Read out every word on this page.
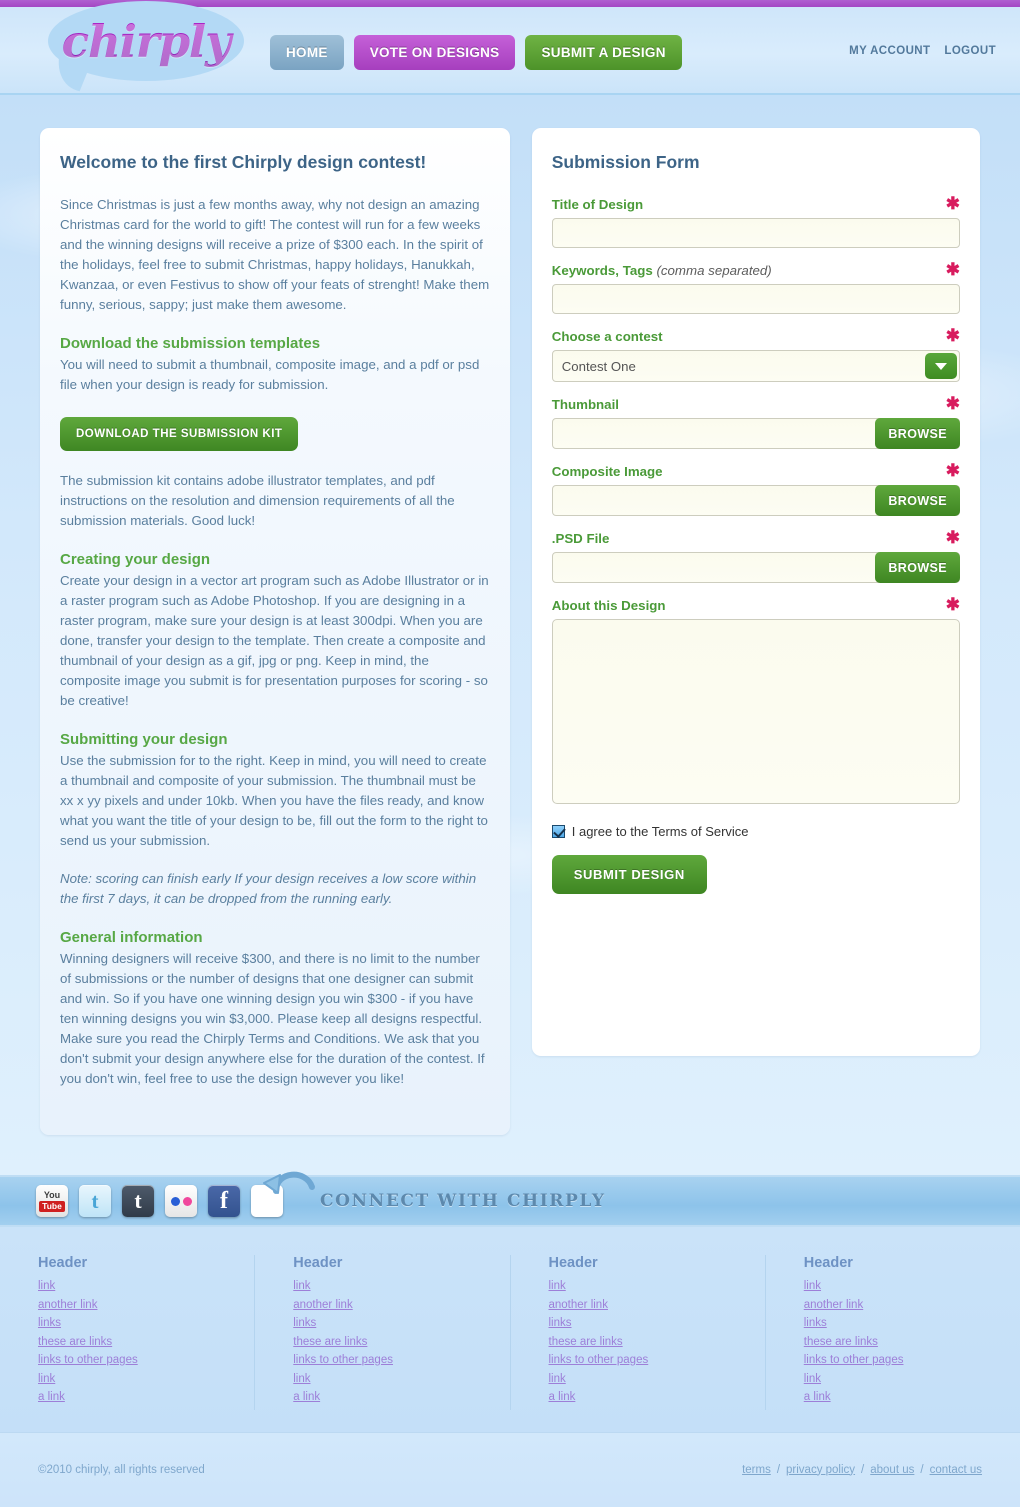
chirply	HOME	VOTE ON DESIGNS	SUBMIT A DESIGN	MY ACCOUNT LOGOUT
Welcome to the first Chirply design contest!
Since Christmas is just a few months away, why not design an amazing Christmas card for the world to gift! The contest will run for a few weeks and the winning designs will receive a prize of $300 each. In the spirit of the holidays, feel free to submit Christmas, happy holidays, Hanukkah, Kwanzaa, or even Festivus to show off your feats of strenght! Make them funny, serious, sappy; just make them awesome.
Download the submission templates
You will need to submit a thumbnail, composite image, and a pdf or psd file when your design is ready for submission.
DOWNLOAD THE SUBMISSION KIT
The submission kit contains adobe illustrator templates, and pdf instructions on the resolution and dimension requirements of all the submission materials. Good luck!
Creating your design
Create your design in a vector art program such as Adobe Illustrator or in a raster program such as Adobe Photoshop. If you are designing in a raster program, make sure your design is at least 300dpi. When you are done, transfer your design to the template. Then create a composite and thumbnail of your design as a gif, jpg or png. Keep in mind, the composite image you submit is for presentation purposes for scoring - so be creative!
Submitting your design
Use the submission for to the right. Keep in mind, you will need to create a thumbnail and composite of your submission. The thumbnail must be xx x yy pixels and under 10kb. When you have the files ready, and know what you want the title of your design to be, fill out the form to the right to send us your submission.
Note: scoring can finish early If your design receives a low score within the first 7 days, it can be dropped from the running early.
General information
Winning designers will receive $300, and there is no limit to the number of submissions or the number of designs that one designer can submit and win. So if you have one winning design you win $300 - if you have ten winning designs you win $3,000. Please keep all designs respectful. Make sure you read the Chirply Terms and Conditions. We ask that you don't submit your design anywhere else for the duration of the contest. If you don't win, feel free to use the design however you like!
Submission Form
Title of Design	✱
Keywords, Tags (comma separated)	✱
Choose a contest	✱
Contest One
Thumbnail	✱
BROWSE
Composite Image	✱
BROWSE
.PSD File	✱
BROWSE
About this Design	✱
I agree to the Terms of Service
SUBMIT DESIGN
You
Tube t t	f	CONNECT WITH CHIRPLY
Header
link
another link
links
these are links
links to other pages
link
a link
Header
link
another link
links
these are links
links to other pages
link
a link
Header
link
another link
links
these are links
links to other pages
link
a link
Header
link
another link
links
these are links
links to other pages
link
a link
©2010 chirply, all rights reserved	terms / privacy policy / about us / contact us
